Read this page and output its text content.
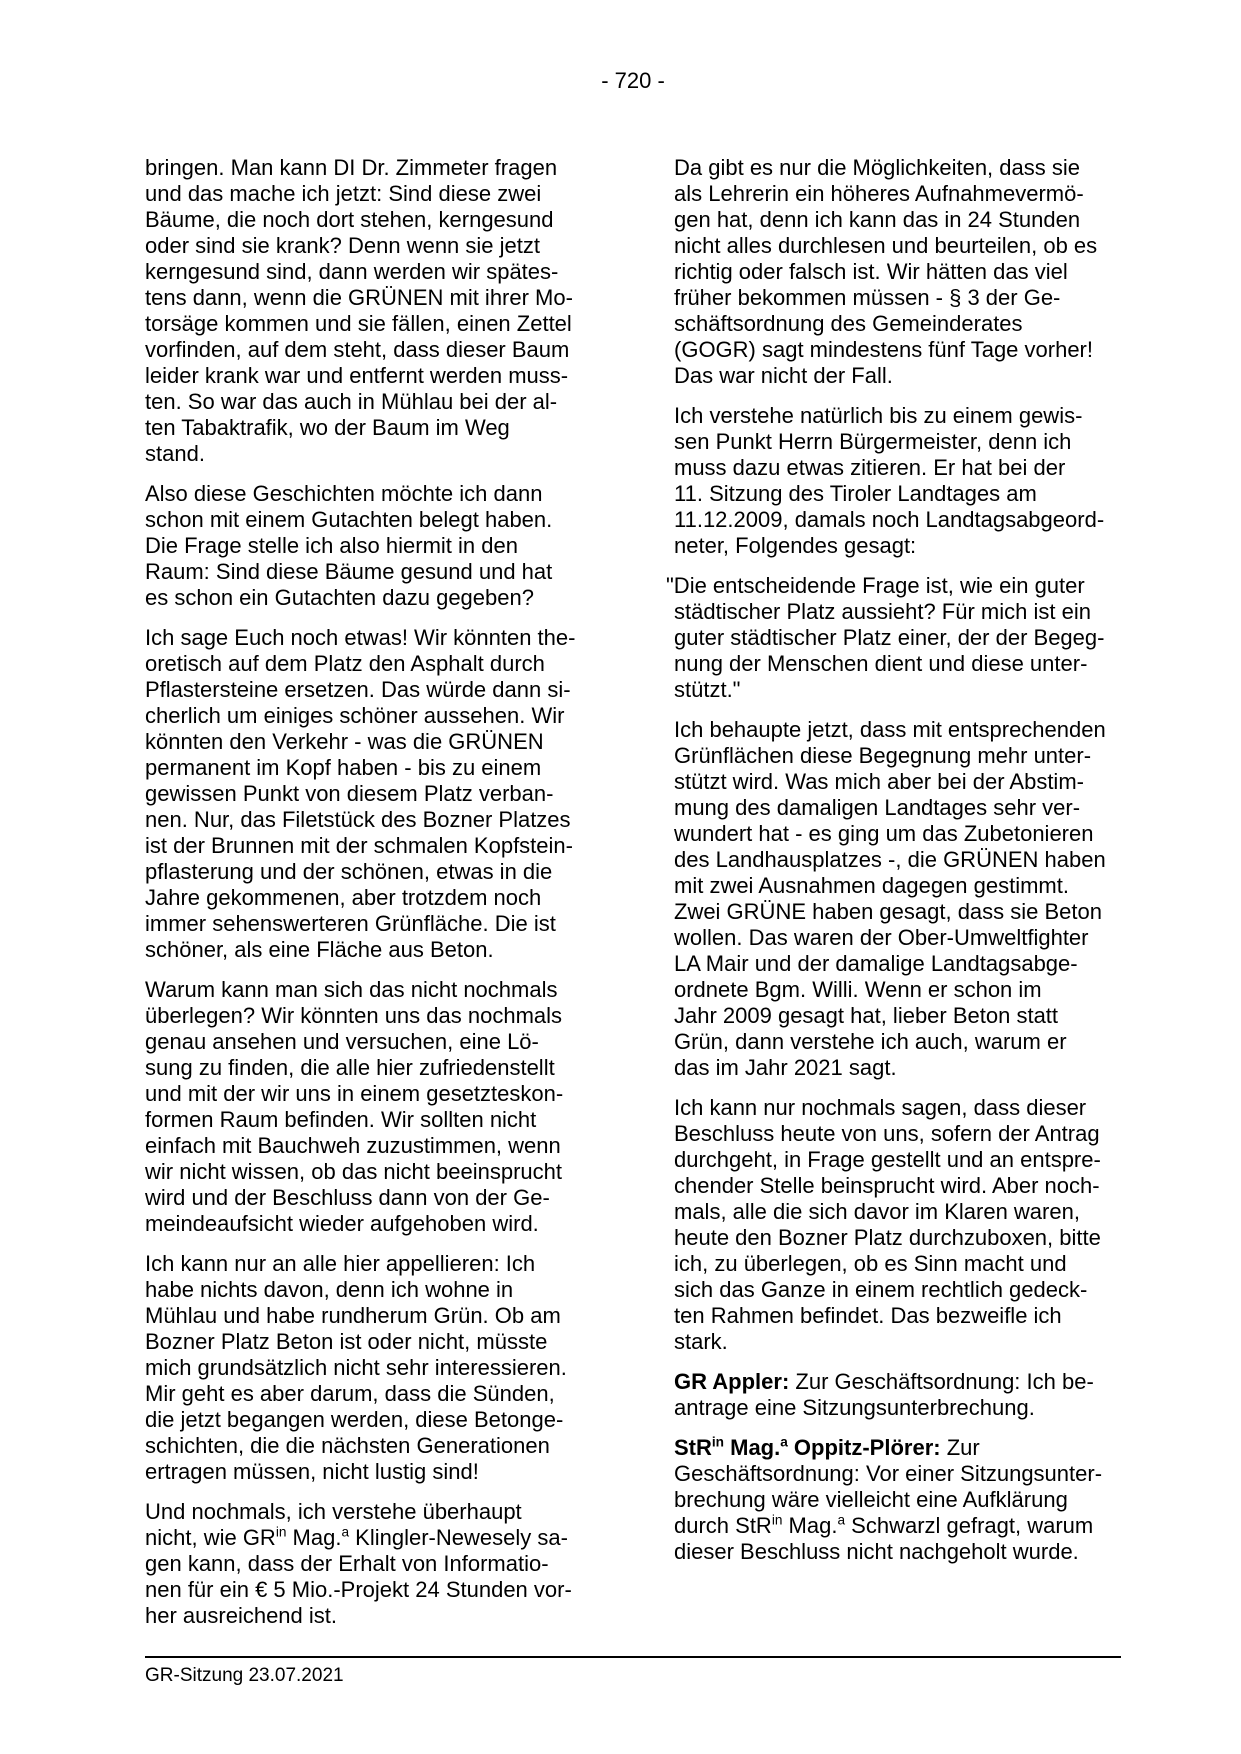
- 720 -

bringen. Man kann DI Dr. Zimmeter fragen
und das mache ich jetzt: Sind diese zwei
Bäume, die noch dort stehen, kerngesund
oder sind sie krank? Denn wenn sie jetzt
kerngesund sind, dann werden wir spätes-
tens dann, wenn die GRÜNEN mit ihrer Mo-
torsäge kommen und sie fällen, einen Zettel
vorfinden, auf dem steht, dass dieser Baum
leider krank war und entfernt werden muss-
ten. So war das auch in Mühlau bei der al-
ten Tabaktrafik, wo der Baum im Weg
stand.

Also diese Geschichten möchte ich dann
schon mit einem Gutachten belegt haben.
Die Frage stelle ich also hiermit in den
Raum: Sind diese Bäume gesund und hat
es schon ein Gutachten dazu gegeben?

Ich sage Euch noch etwas! Wir könnten the-
oretisch auf dem Platz den Asphalt durch
Pflastersteine ersetzen. Das würde dann si-
cherlich um einiges schöner aussehen. Wir
könnten den Verkehr - was die GRÜNEN
permanent im Kopf haben - bis zu einem
gewissen Punkt von diesem Platz verban-
nen. Nur, das Filetstück des Bozner Platzes
ist der Brunnen mit der schmalen Kopfstein-
pflasterung und der schönen, etwas in die
Jahre gekommenen, aber trotzdem noch
immer sehenswerteren Grünfläche. Die ist
schöner, als eine Fläche aus Beton.

Warum kann man sich das nicht nochmals
überlegen? Wir könnten uns das nochmals
genau ansehen und versuchen, eine Lö-
sung zu finden, die alle hier zufriedenstellt
und mit der wir uns in einem gesetzteskon-
formen Raum befinden. Wir sollten nicht
einfach mit Bauchweh zuzustimmen, wenn
wir nicht wissen, ob das nicht beeinsprucht
wird und der Beschluss dann von der Ge-
meindeaufsicht wieder aufgehoben wird.

Ich kann nur an alle hier appellieren: Ich
habe nichts davon, denn ich wohne in
Mühlau und habe rundherum Grün. Ob am
Bozner Platz Beton ist oder nicht, müsste
mich grundsätzlich nicht sehr interessieren.
Mir geht es aber darum, dass die Sünden,
die jetzt begangen werden, diese Betonge-
schichten, die die nächsten Generationen
ertragen müssen, nicht lustig sind!

Und nochmals, ich verstehe überhaupt
nicht, wie $GR^{in}$ Mag.$^a$ Klingler-Newesely sa-
gen kann, dass der Erhalt von Informatio-
nen für ein € 5 Mio.-Projekt 24 Stunden vor-
her ausreichend ist.

Da gibt es nur die Möglichkeiten, dass sie
als Lehrerin ein höheres Aufnahmevermö-
gen hat, denn ich kann das in 24 Stunden
nicht alles durchlesen und beurteilen, ob es
richtig oder falsch ist. Wir hätten das viel
früher bekommen müssen - § 3 der Ge-
schäftsordnung des Gemeinderates
(GOGR) sagt mindestens fünf Tage vorher!
Das war nicht der Fall.

Ich verstehe natürlich bis zu einem gewis-
sen Punkt Herrn Bürgermeister, denn ich
muss dazu etwas zitieren. Er hat bei der
11. Sitzung des Tiroler Landtages am
11.12.2009, damals noch Landtagsabgeord-
neter, Folgendes gesagt:

"Die entscheidende Frage ist, wie ein guter
städtischer Platz aussieht? Für mich ist ein
guter städtischer Platz einer, der der Begeg-
nung der Menschen dient und diese unter-
stützt."

Ich behaupte jetzt, dass mit entsprechenden
Grünflächen diese Begegnung mehr unter-
stützt wird. Was mich aber bei der Abstim-
mung des damaligen Landtages sehr ver-
wundert hat - es ging um das Zubetonieren
des Landhausplatzes -, die GRÜNEN haben
mit zwei Ausnahmen dagegen gestimmt.
Zwei GRÜNE haben gesagt, dass sie Beton
wollen. Das waren der Ober-Umweltfighter
LA Mair und der damalige Landtagsabge-
ordnete Bgm. Willi. Wenn er schon im
Jahr 2009 gesagt hat, lieber Beton statt
Grün, dann verstehe ich auch, warum er
das im Jahr 2021 sagt.

Ich kann nur nochmals sagen, dass dieser
Beschluss heute von uns, sofern der Antrag
durchgeht, in Frage gestellt und an entspre-
chender Stelle beinsprucht wird. Aber noch-
mals, alle die sich davor im Klaren waren,
heute den Bozner Platz durchzuboxen, bitte
ich, zu überlegen, ob es Sinn macht und
sich das Ganze in einem rechtlich gedeck-
ten Rahmen befindet. Das bezweifle ich
stark.

GR Appler: Zur Geschäftsordnung: Ich be-
antrage eine Sitzungsunterbrechung.

StR$^{in}$ Mag.$^a$ Oppitz-Plörer: Zur
Geschäftsordnung: Vor einer Sitzungsunter-
brechung wäre vielleicht eine Aufklärung
durch StR$^{in}$ Mag.$^a$ Schwarzl gefragt, warum
dieser Beschluss nicht nachgeholt wurde.

GR-Sitzung 23.07.2021
